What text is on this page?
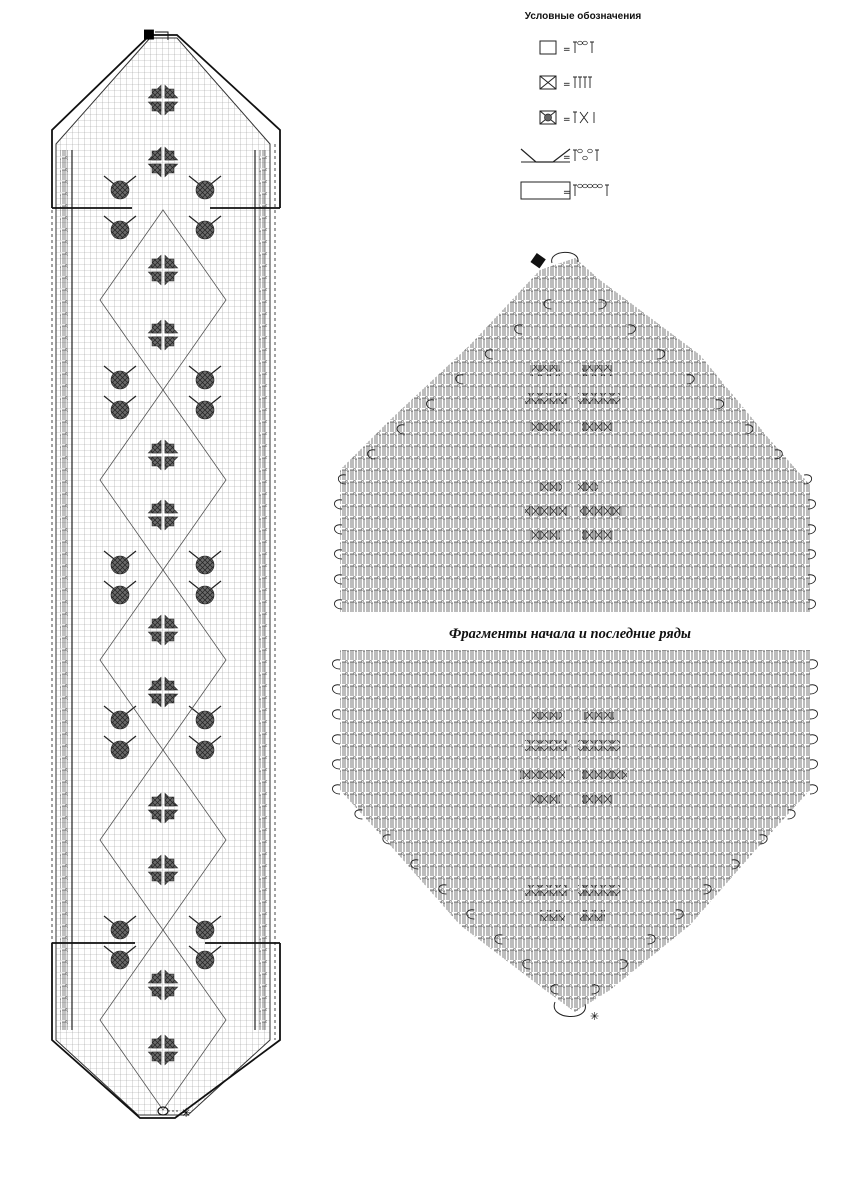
Условные обозначения
Фрагменты начала и последние ряды
■
✳
=
=
=
=
=
✳
